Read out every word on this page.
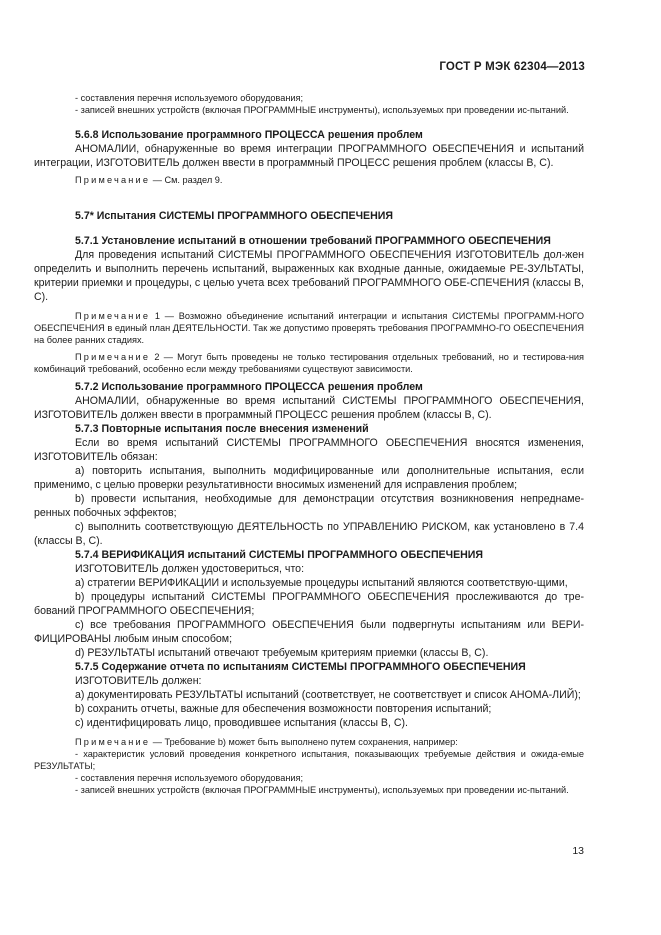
ГОСТ Р МЭК 62304—2013

- составления перечня используемого оборудования;

- записей внешних устройств (включая ПРОГРАММНЫЕ инструменты), используемых при проведении ис-пытаний.

5.6.8 Использование программного ПРОЦЕССА решения проблем

АНОМАЛИИ, обнаруженные во время интеграции ПРОГРАММНОГО ОБЕСПЕЧЕНИЯ и испытаний интеграции, ИЗГОТОВИТЕЛЬ должен ввести в программный ПРОЦЕСС решения проблем (классы B, C).

Примечание — См. раздел 9.

5.7* Испытания СИСТЕМЫ ПРОГРАММНОГО ОБЕСПЕЧЕНИЯ

5.7.1 Установление испытаний в отношении требований ПРОГРАММНОГО ОБЕСПЕЧЕНИЯ

Для проведения испытаний СИСТЕМЫ ПРОГРАММНОГО ОБЕСПЕЧЕНИЯ ИЗГОТОВИТЕЛЬ дол-жен определить и выполнить перечень испытаний, выраженных как входные данные, ожидаемые РЕ-ЗУЛЬТАТЫ, критерии приемки и процедуры, с целью учета всех требований ПРОГРАММНОГО ОБЕ-СПЕЧЕНИЯ (классы B, C).

Примечание 1 — Возможно объединение испытаний интеграции и испытания СИСТЕМЫ ПРОГРАММ-НОГО ОБЕСПЕЧЕНИЯ в единый план ДЕЯТЕЛЬНОСТИ. Так же допустимо проверять требования ПРОГРАММНО-ГО ОБЕСПЕЧЕНИЯ на более ранних стадиях.

Примечание 2 — Могут быть проведены не только тестирования отдельных требований, но и тестирова-ния комбинаций требований, особенно если между требованиями существуют зависимости.

5.7.2 Использование программного ПРОЦЕССА решения проблем

АНОМАЛИИ, обнаруженные во время испытаний СИСТЕМЫ ПРОГРАММНОГО ОБЕСПЕЧЕНИЯ, ИЗГОТОВИТЕЛЬ должен ввести в программный ПРОЦЕСС решения проблем (классы B, C).

5.7.3 Повторные испытания после внесения изменений

Если во время испытаний СИСТЕМЫ ПРОГРАММНОГО ОБЕСПЕЧЕНИЯ вносятся изменения, ИЗГОТОВИТЕЛЬ обязан:

a) повторить испытания, выполнить модифицированные или дополнительные испытания, если применимо, с целью проверки результативности вносимых изменений для исправления проблем;

b) провести испытания, необходимые для демонстрации отсутствия возникновения непреднаме-ренных побочных эффектов;

c) выполнить соответствующую ДЕЯТЕЛЬНОСТЬ по УПРАВЛЕНИЮ РИСКОМ, как установлено в 7.4 (классы B, C).

5.7.4 ВЕРИФИКАЦИЯ испытаний СИСТЕМЫ ПРОГРАММНОГО ОБЕСПЕЧЕНИЯ

ИЗГОТОВИТЕЛЬ должен удостовериться, что:

a) стратегии ВЕРИФИКАЦИИ и используемые процедуры испытаний являются соответствую-щими,

b) процедуры испытаний СИСТЕМЫ ПРОГРАММНОГО ОБЕСПЕЧЕНИЯ прослеживаются до тре-бований ПРОГРАММНОГО ОБЕСПЕЧЕНИЯ;

c) все требования ПРОГРАММНОГО ОБЕСПЕЧЕНИЯ были подвергнуты испытаниям или ВЕРИ-ФИЦИРОВАНЫ любым иным способом;

d) РЕЗУЛЬТАТЫ испытаний отвечают требуемым критериям приемки (классы B, C).

5.7.5 Содержание отчета по испытаниям СИСТЕМЫ ПРОГРАММНОГО ОБЕСПЕЧЕНИЯ

ИЗГОТОВИТЕЛЬ должен:

a) документировать РЕЗУЛЬТАТЫ испытаний (соответствует, не соответствует и список АНОМА-ЛИЙ);

b) сохранить отчеты, важные для обеспечения возможности повторения испытаний;

c) идентифицировать лицо, проводившее испытания (классы B, C).

Примечание — Требование b) может быть выполнено путем сохранения, например:

- характеристик условий проведения конкретного испытания, показывающих требуемые действия и ожида-емые РЕЗУЛЬТАТЫ;

- составления перечня используемого оборудования;

- записей внешних устройств (включая ПРОГРАММНЫЕ инструменты), используемых при проведении ис-пытаний.

13
